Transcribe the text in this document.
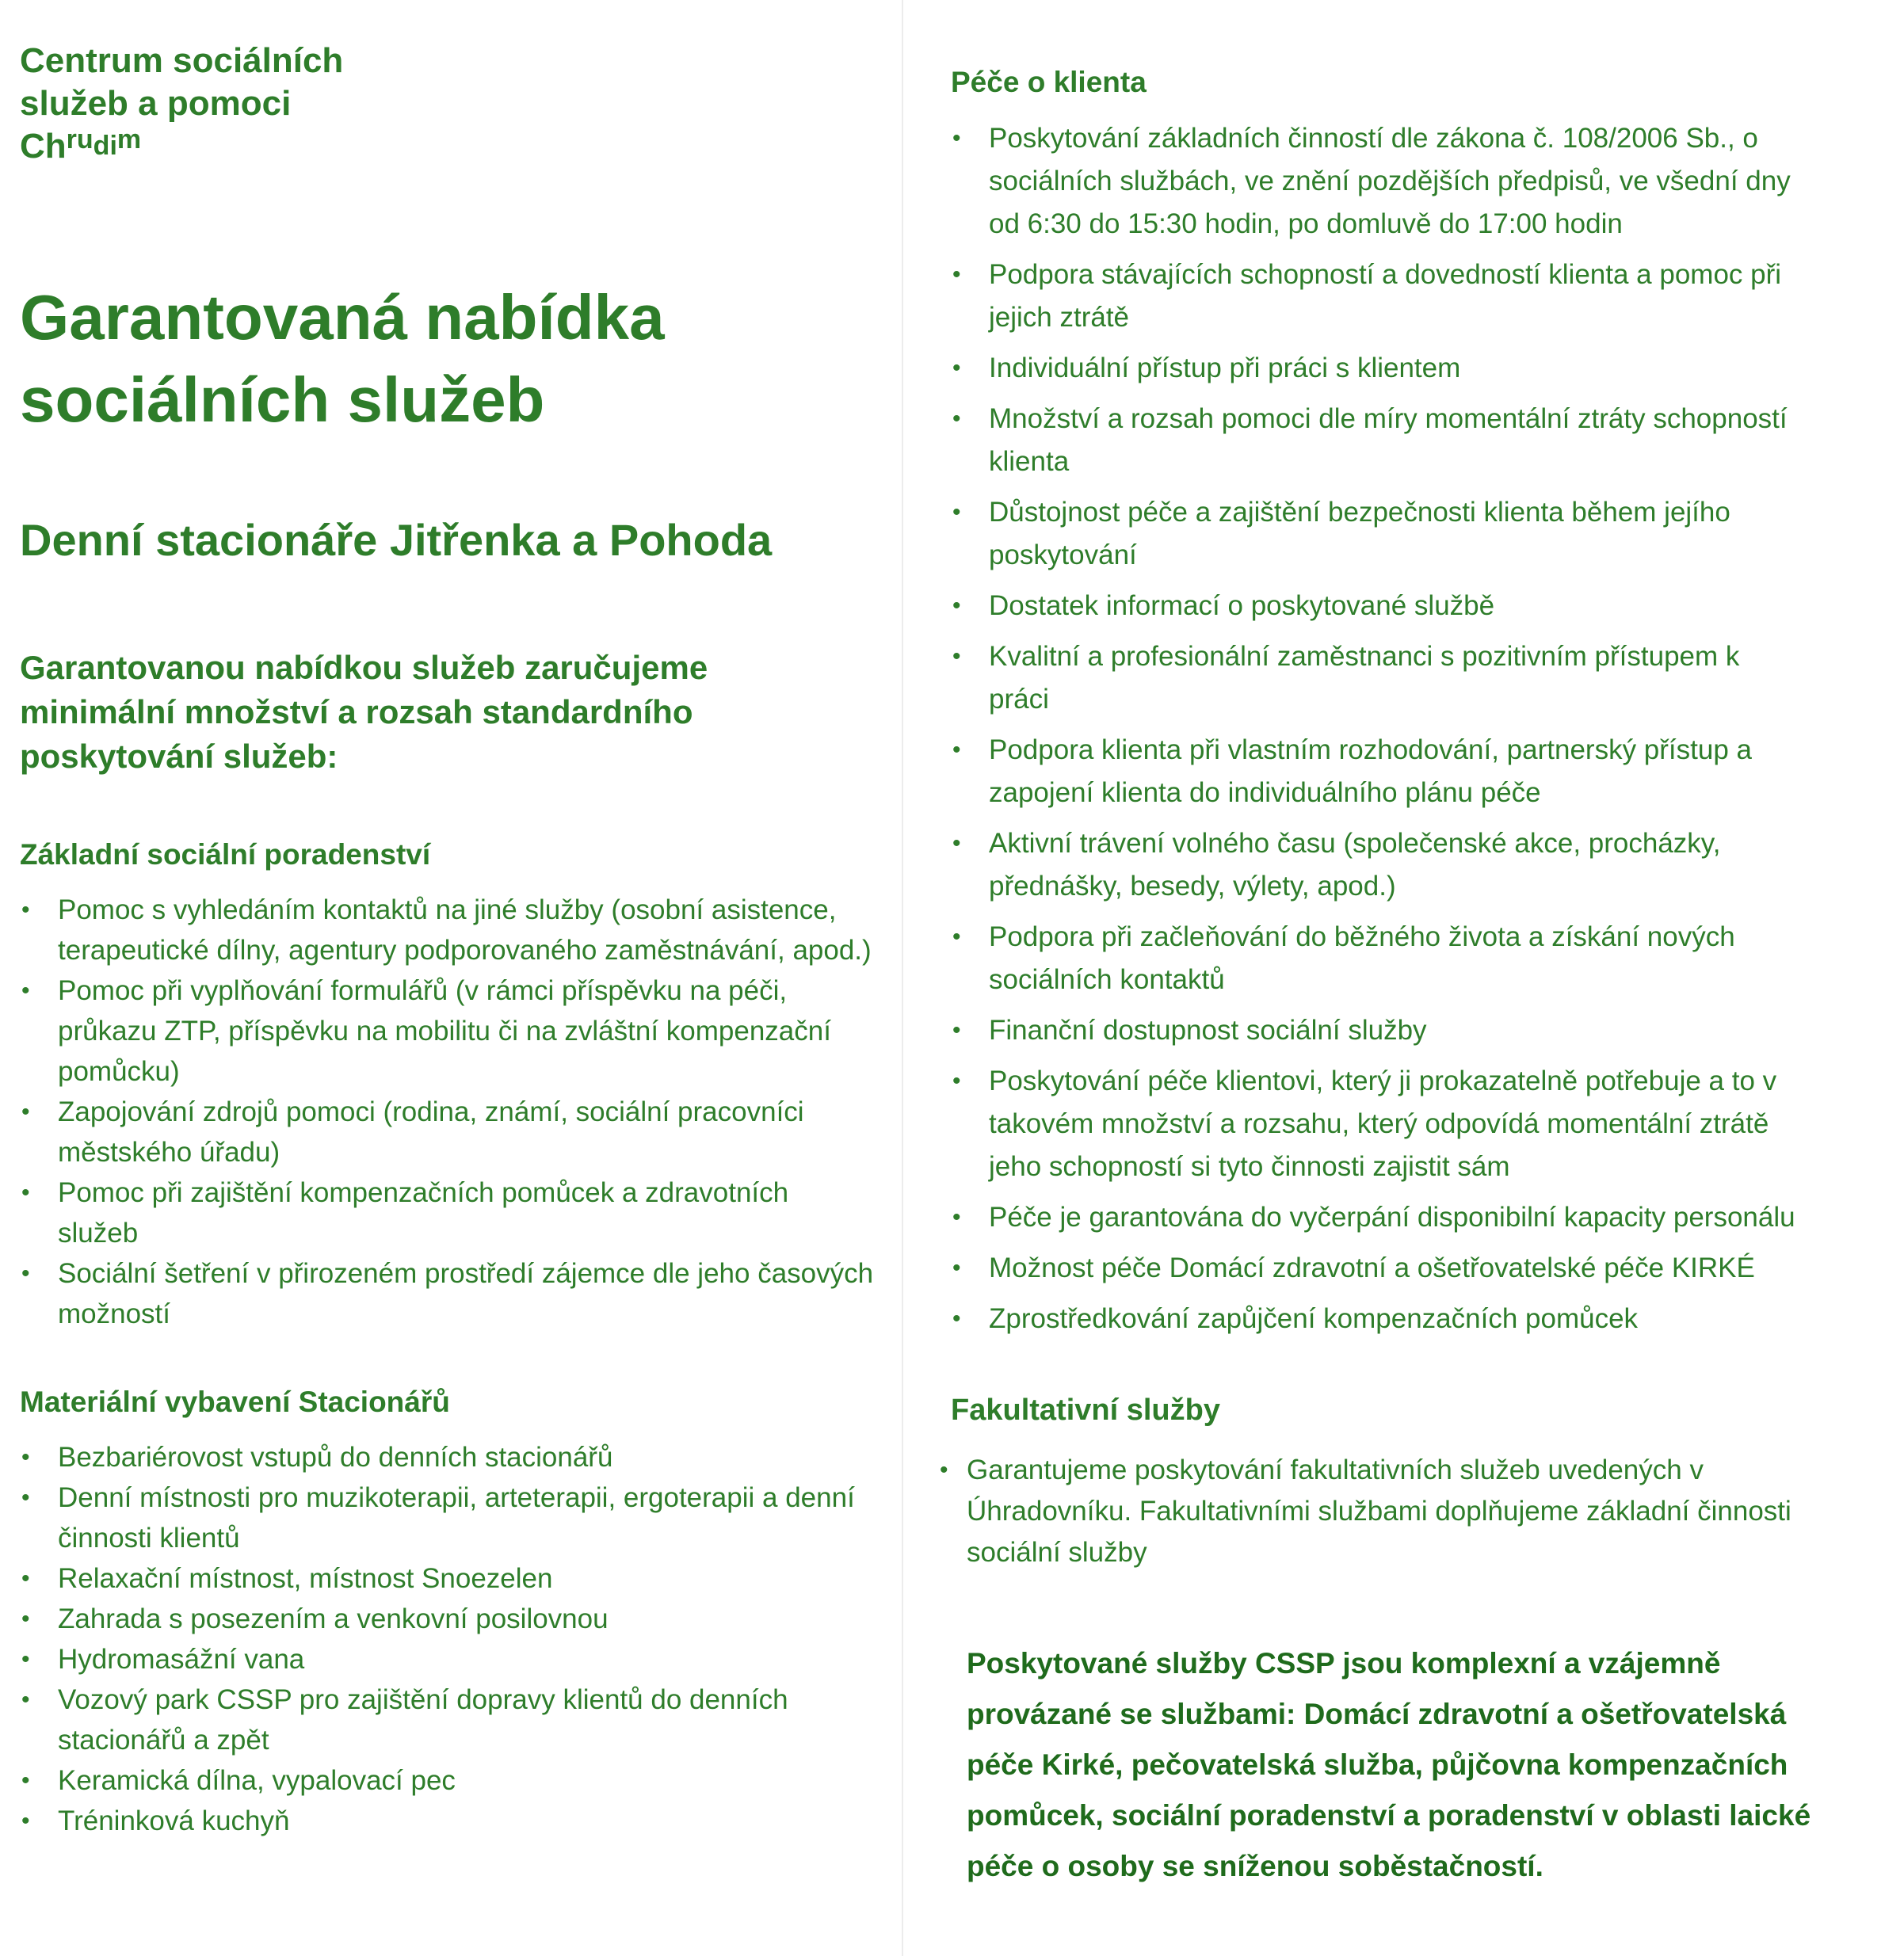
Centrum sociálních
služeb a pomoci
$Ch^{ru}di^m$
Garantovaná nabídka
sociálních služeb
Denní stacionáře Jitřenka a Pohoda
Garantovanou nabídkou služeb zaručujeme
minimální množství a rozsah standardního
poskytování služeb:
Základní sociální poradenství
• Pomoc s vyhledáním kontaktů na jiné služby (osobní asistence, terapeutické dílny, agentury podporovaného zaměstnávání, apod.)
• Pomoc při vyplňování formulářů (v rámci příspěvku na péči, průkazu ZTP, příspěvku na mobilitu či na zvláštní kompenzační pomůcku)
• Zapojování zdrojů pomoci (rodina, známí, sociální pracovníci městského úřadu)
• Pomoc při zajištění kompenzačních pomůcek a zdravotních služeb
• Sociální šetření v přirozeném prostředí zájemce dle jeho časových možností
Materiální vybavení Stacionářů
• Bezbariérovost vstupů do denních stacionářů
• Denní místnosti pro muzikoterapii, arteterapii, ergoterapii a denní činnosti klientů
• Relaxační místnost, místnost Snoezelen
• Zahrada s posezením a venkovní posilovnou
• Hydromasážní vana
• Vozový park CSSP pro zajištění dopravy klientů do denních stacionářů a zpět
• Keramická dílna, vypalovací pec
• Tréninková kuchyň
Péče o klienta
• Poskytování základních činností dle zákona č. 108/2006 Sb., o sociálních službách, ve znění pozdějších předpisů, ve všední dny od 6:30 do 15:30 hodin, po domluvě do 17:00 hodin
• Podpora stávajících schopností a dovedností klienta a pomoc při jejich ztrátě
• Individuální přístup při práci s klientem
• Množství a rozsah pomoci dle míry momentální ztráty schopností klienta
• Důstojnost péče a zajištění bezpečnosti klienta během jejího poskytování
• Dostatek informací o poskytované službě
• Kvalitní a profesionální zaměstnanci s pozitivním přístupem k práci
• Podpora klienta při vlastním rozhodování, partnerský přístup a zapojení klienta do individuálního plánu péče
• Aktivní trávení volného času (společenské akce, procházky, přednášky, besedy, výlety, apod.)
• Podpora při začleňování do běžného života a získání nových sociálních kontaktů
• Finanční dostupnost sociální služby
• Poskytování péče klientovi, který ji prokazatelně potřebuje a to v takovém množství a rozsahu, který odpovídá momentální ztrátě jeho schopností si tyto činnosti zajistit sám
• Péče je garantována do vyčerpání disponibilní kapacity personálu
• Možnost péče Domácí zdravotní a ošetřovatelské péče KIRKÉ
• Zprostředkování zapůjčení kompenzačních pomůcek
Fakultativní služby
• Garantujeme poskytování fakultativních služeb uvedených v Úhradovníku. Fakultativními službami doplňujeme základní činnosti sociální služby
Poskytované služby CSSP jsou komplexní a vzájemně provázané se službami: Domácí zdravotní a ošetřovatelská péče Kirké, pečovatelská služba, půjčovna kompenzačních pomůcek, sociální poradenství a poradenství v oblasti laické péče o osoby se sníženou soběstačností.
